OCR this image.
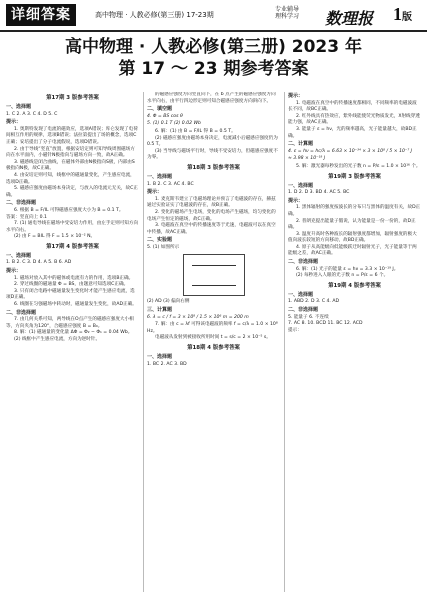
详细答案	高中物理 · 人教必修(第三册) 17-23期
专业辅导
理科学习 数理报 1版
高中物理 · 人教必修(第三册) 2023 年
第 17 ～ 23 期参考答案
第17期 3 版参考答案
一、选择题
1. C 2. A 3. C 4. D 5. C
提示：
1. 奥斯特发现了电流的磁效应，选项A错误；库仑发现了电荷间相互作用的规律，选项B错误；法拉第提出了场的概念，选项C正确；安培提出了分子电流假说，选项D错误。
2. 由于导线“竖直”放置，根据安培定则可知导线周围磁场方向在水平面内，小磁针N极指向与磁场方向一致，故A正确。
3. 磁感线是闭合曲线，在磁体外部由N极指向S极，内部由S极指向N极，故C正确。
4. 由安培定则可知，线框中的磁通量变化，产生感应电流，选项D正确。
5. 磁感应强度由磁场本身决定，与放入的电流元无关，故C正确。
二、非选择题
6. 根据 B = F/IL 可得磁感应强度大小为 B = 0.1 T。
答案：竖直向上 0.1
7. (1) 通电导线在磁场中受安培力作用，由左手定则可知方向水平向右。
(2) 由 F = BIL 得 F = 1.5 × 10⁻² N。
第17期 4 版参考答案
一、选择题
1. B 2. C 3. D 4. A 5. B 6. AD
提示：
1. 磁场对放入其中的磁体或电流有力的作用，选项B正确。
2. 穿过线圈的磁通量 Φ = BS，由题意可知选项C正确。
3. 只有闭合电路中磁通量发生变化时才能产生感应电流，选项D正确。
6. 线圈在匀强磁场中转动时，磁通量发生变化，故AD正确。
二、非选择题
7. 由几何关系可知，两导线在O点产生的磁感应强度大小相等，方向夹角为120°，合磁感应强度 B = B₀。
8. 解：(1) 磁通量的变化量 ΔΦ = Φ₂ − Φ₁ = 0.04 Wb。
(2) 线框中产生感应电流，方向为逆时针。
的磁感应强度方向竖直向下，在 b 点产生的磁感应强度方向水平向右，由平行四边形定则可知合磁感应强度方向斜向下。
二、填空题
4. Φ = BS cos θ
5. (1) 0.1 T (2) 0.02 Wb
6. 解：(1) 由 B = F/IL 得 B = 0.5 T。
(2) 磁感应强度由磁场本身决定，电流减小后磁感应强度仍为 0.5 T。
(3) 当导线与磁场平行时，导线不受安培力，但磁感应强度不为零。
第18期 3 版参考答案
一、选择题
1. B 2. C 3. AC 4. BC
提示：
1. 麦克斯韦建立了电磁场理论并预言了电磁波的存在，赫兹通过实验证实了电磁波的存在，故B正确。
2. 变化的磁场产生电场，变化的电场产生磁场，均匀变化的电场产生恒定的磁场，故C正确。
3. 电磁波在真空中的传播速度等于光速，电磁波可以在真空中传播，故AC正确。
二、实验题
5. (1) 如图所示
(2) AD (3) 偏向右侧
三、计算题
6. λ = c / f = 3 × 10⁸ / 1.5 × 10⁶ m = 200 m
7. 解：由 c = λf 可得该电磁波的频率 f = c/λ = 1.0 × 10⁸ Hz。
电磁波从发射到被接收所用时间 t = s/c = 2 × 10⁻⁵ s。
第18期 4 版参考答案
一、选择题
1. BC 2. AC 3. BD
提示：
1. 电磁波在真空中的传播速度都相同，不同频率的电磁波波长不同，故BC正确。
2. 红外线具有热效应，紫外线能使荧光物质发光，X射线穿透能力强，故AC正确。
3. 能量子 ε = hν，光的频率越高，光子能量越大，故BD正确。
二、计算题
4. ε = hν = hc/λ = 6.63 × 10⁻³⁴ × 3 × 10⁸ / 5 × 10⁻⁷ J
≈ 3.98 × 10⁻¹⁹ J
5. 解：激光器每秒发出的光子数 n = P/ε = 1.0 × 10¹⁶ 个。
第19期 3 版参考答案
一、选择题
1. D 2. D 3. BD 4. AC 5. BC
提示：
1. 黑体辐射的强度按波长的分布只与黑体的温度有关，故D正确。
2. 普朗克提出能量子假说，认为能量是一份一份的，故D正确。
3. 温度升高时各种波长的辐射强度都增加，辐射强度的极大值向波长较短的方向移动，故BD正确。
4. 原子从高能级向低能级跃迁时辐射光子，光子能量等于两能级之差，故AC正确。
二、非选择题
6. 解：(1) 光子的能量 ε = hν = 3.3 × 10⁻¹⁹ J。
(2) 每秒进入人眼的光子数 n = P/ε = 6 个。
第19期 4 版参考答案
一、选择题
1. ABD 2. D 3. C 4. AD
二、非选择题
5. 能量子 6. 不连续
7. AC 8. 10. BCD 11. BC 12. ACD
提示：
